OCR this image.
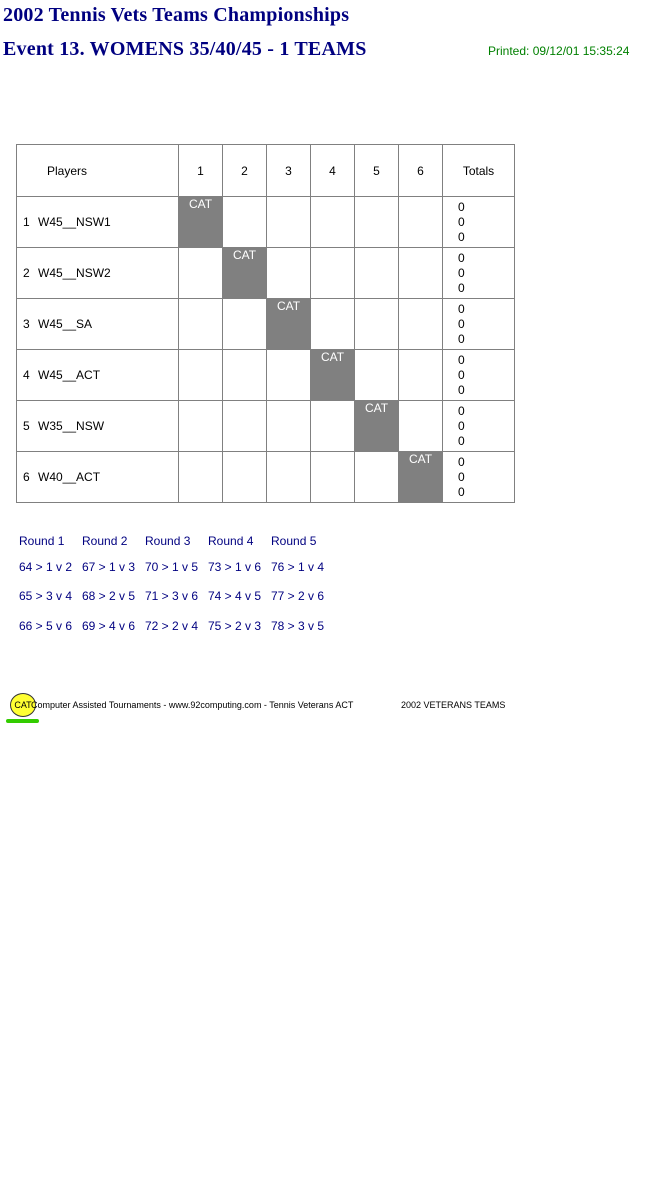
2002 Tennis Vets Teams Championships
Event 13. WOMENS 35/40/45 - 1 TEAMS	Printed: 09/12/01 15:35:24
Players	1	2	3	4	5	6	Totals
1 W45__NSW1	CAT						0
0
0

2 W45__NSW2		CAT					0
0
0

3 W45__SA			CAT				0
0
0

4 W45__ACT				CAT			0
0
0

5 W35__NSW					CAT		0
0
0

6 W40__ACT						CAT	0
0
0
Round 1 Round 2 Round 3 Round 4 Round 5
64 > 1 v 2 67 > 1 v 3 70 > 1 v 5 73 > 1 v 6 76 > 1 v 4
65 > 3 v 4 68 > 2 v 5 71 > 3 v 6 74 > 4 v 5 77 > 2 v 6
66 > 5 v 6 69 > 4 v 6 72 > 2 v 4 75 > 2 v 3 78 > 3 v 5
CAT Computer Assisted Tournaments - www.92computing.com - Tennis Veterans ACT	2002 VETERANS TEAMS
